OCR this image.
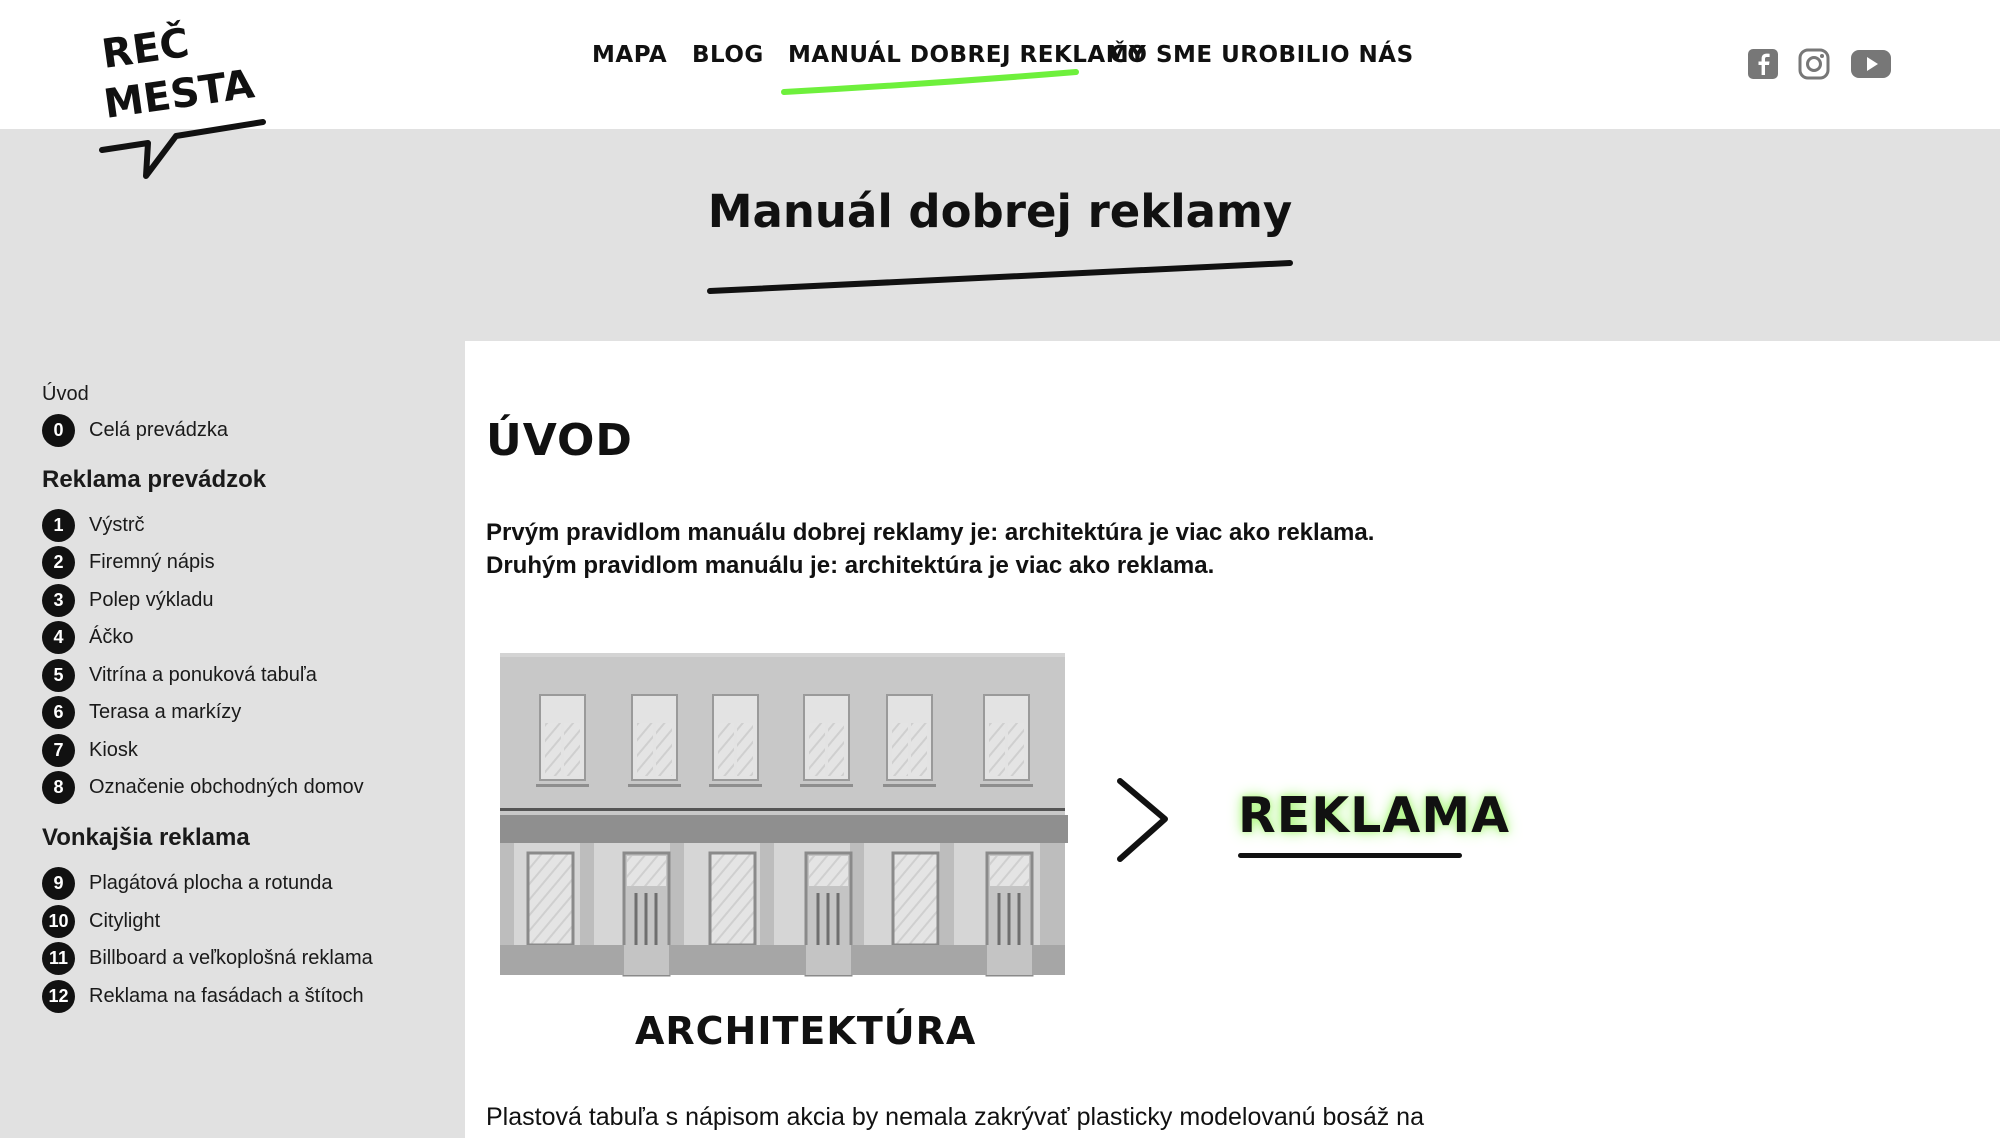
REČ
MESTA
MAPA BLOG MANUÁL DOBREJ REKLAMY
ČO SME UROBILI O NÁS
Manuál dobrej reklamy
Úvod
0	Celá prevádzka
Reklama prevádzok
1	Výstrč
2	Firemný nápis
3	Polep výkladu
4	Áčko
5	Vitrína a ponuková tabuľa
6	Terasa a markízy
7	Kiosk
8	Označenie obchodných domov
Vonkajšia reklama
9	Plagátová plocha a rotunda
10	Citylight
11	Billboard a veľkoplošná reklama
12	Reklama na fasádach a štítoch
ÚVOD
Prvým pravidlom manuálu dobrej reklamy je: architektúra je viac ako reklama.
Druhým pravidlom manuálu je: architektúra je viac ako reklama.
REKLAMA
ARCHITEKTÚRA
Plastová tabuľa s nápisom akcia by nemala zakrývať plasticky modelovanú bosáž na
